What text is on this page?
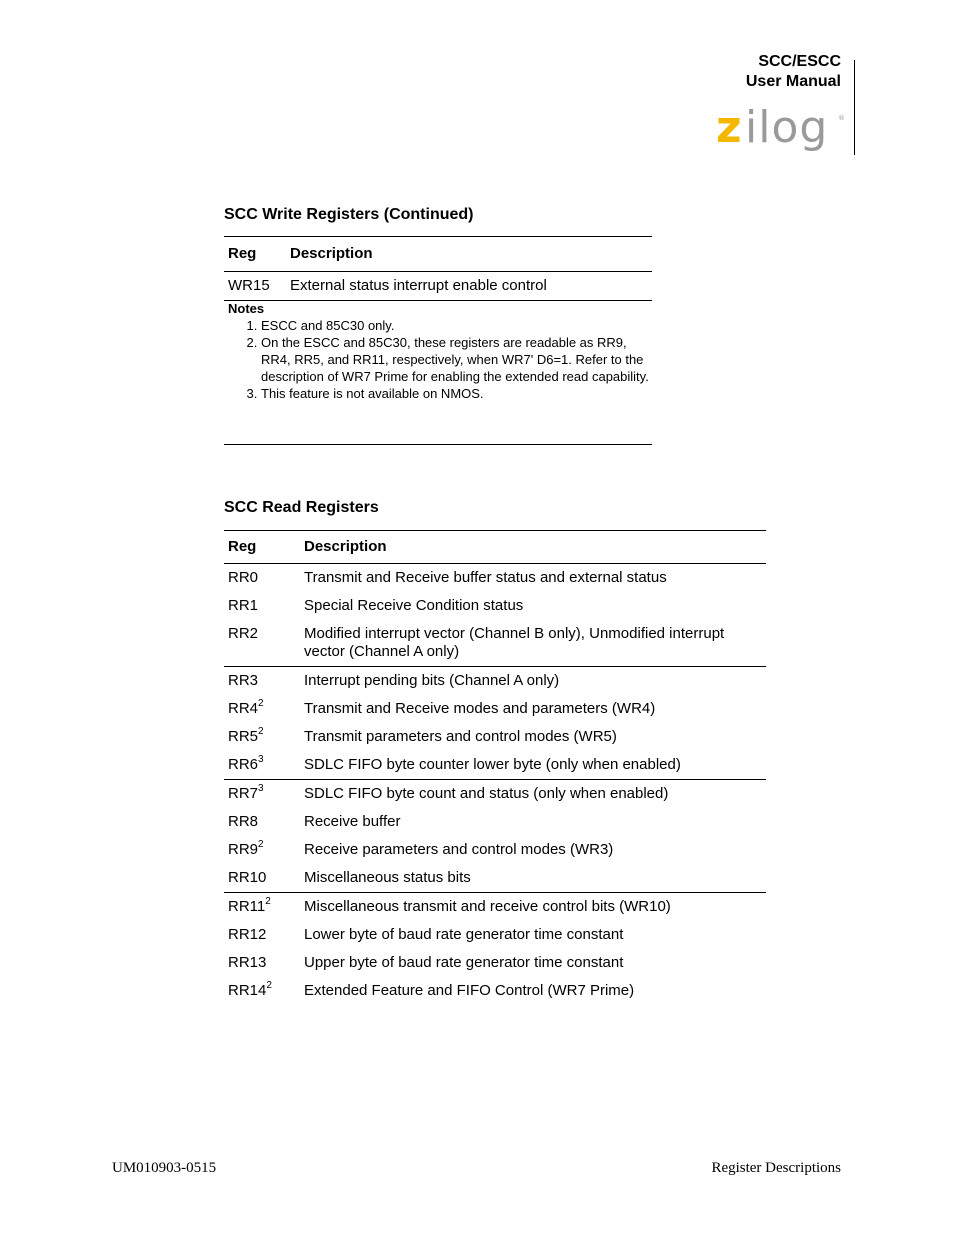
SCC/ESCC
User Manual
z ilog ®
SCC Write Registers (Continued)
Reg	Description
WR15	External status interrupt enable control
Notes
1. ESCC and 85C30 only.
2. On the ESCC and 85C30, these registers are readable as RR9, RR4, RR5, and RR11, respectively, when WR7' D6=1. Refer to the description of WR7 Prime for enabling the extended read capability.
3. This feature is not available on NMOS.
SCC Read Registers
Reg	Description
RR0	Transmit and Receive buffer status and external status
RR1	Special Receive Condition status
RR2	Modified interrupt vector (Channel B only), Unmodified interrupt vector (Channel A only)
RR3	Interrupt pending bits (Channel A only)
$RR4^2$	Transmit and Receive modes and parameters (WR4)
$RR5^2$	Transmit parameters and control modes (WR5)
$RR6^3$	SDLC FIFO byte counter lower byte (only when enabled)
$RR7^3$	SDLC FIFO byte count and status (only when enabled)
RR8	Receive buffer
$RR9^2$	Receive parameters and control modes (WR3)
RR10	Miscellaneous status bits
$RR11^2$	Miscellaneous transmit and receive control bits (WR10)
RR12	Lower byte of baud rate generator time constant
RR13	Upper byte of baud rate generator time constant
$RR14^2$	Extended Feature and FIFO Control (WR7 Prime)
UM010903-0515	Register Descriptions
